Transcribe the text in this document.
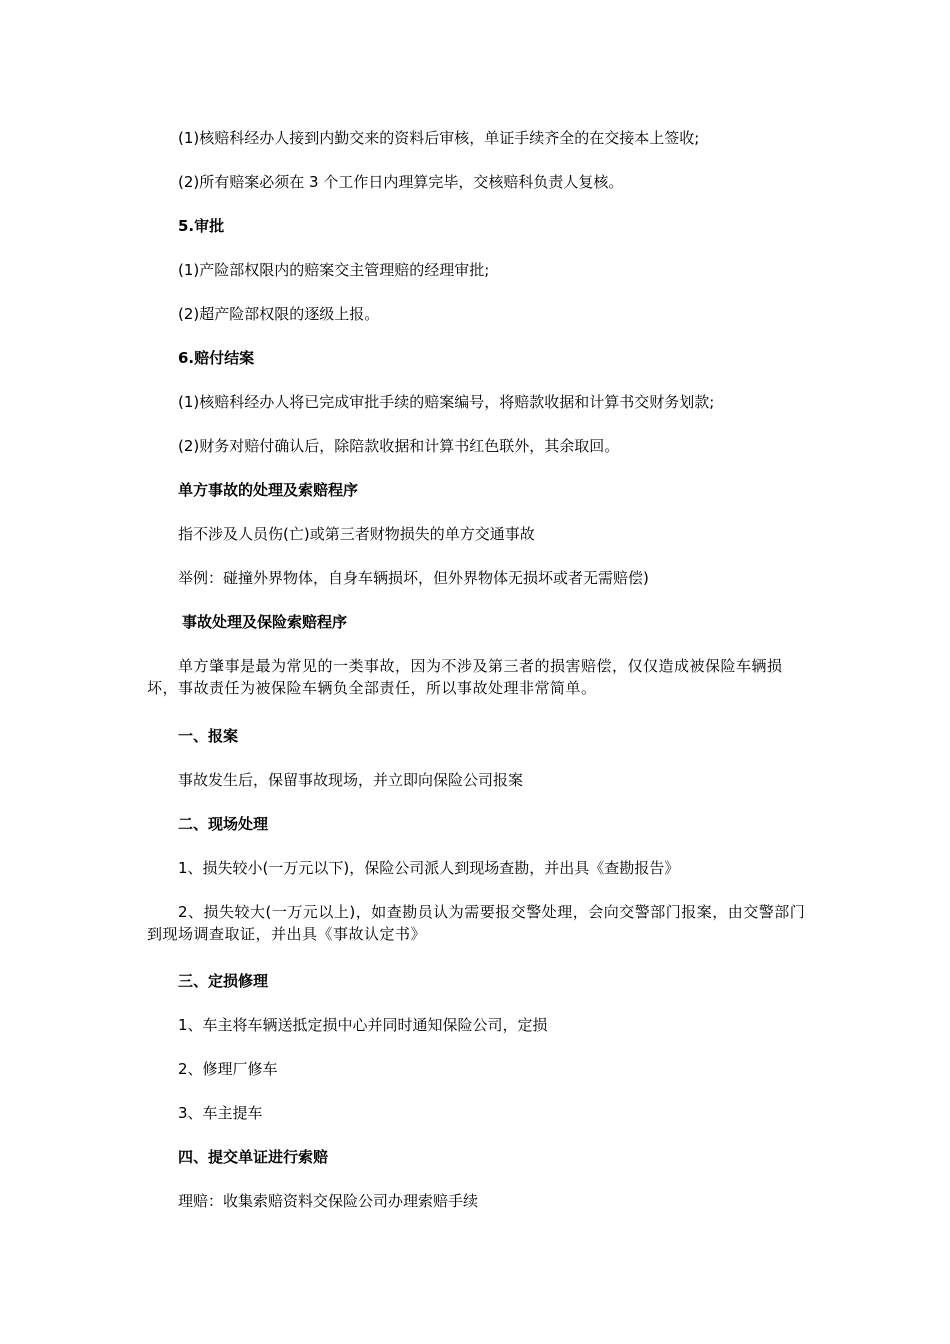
(1)核赔科经办人接到内勤交来的资料后审核，单证手续齐全的在交接本上签收;
(2)所有赔案必须在 3 个工作日内理算完毕，交核赔科负责人复核。
5.审批
(1)产险部权限内的赔案交主管理赔的经理审批;
(2)超产险部权限的逐级上报。
6.赔付结案
(1)核赔科经办人将已完成审批手续的赔案编号，将赔款收据和计算书交财务划款;
(2)财务对赔付确认后，除陪款收据和计算书红色联外，其余取回。
单方事故的处理及索赔程序
指不涉及人员伤(亡)或第三者财物损失的单方交通事故
举例：碰撞外界物体，自身车辆损坏，但外界物体无损坏或者无需赔偿)
事故处理及保险索赔程序
单方肇事是最为常见的一类事故，因为不涉及第三者的损害赔偿，仅仅造成被保险车辆损坏，事故责任为被保险车辆负全部责任，所以事故处理非常简单。
一、报案
事故发生后，保留事故现场，并立即向保险公司报案
二、现场处理
1、损失较小(一万元以下)，保险公司派人到现场查勘，并出具《查勘报告》
2、损失较大(一万元以上)，如查勘员认为需要报交警处理，会向交警部门报案，由交警部门到现场调查取证，并出具《事故认定书》
三、定损修理
1、车主将车辆送抵定损中心并同时通知保险公司，定损
2、修理厂修车
3、车主提车
四、提交单证进行索赔
理赔：收集索赔资料交保险公司办理索赔手续
